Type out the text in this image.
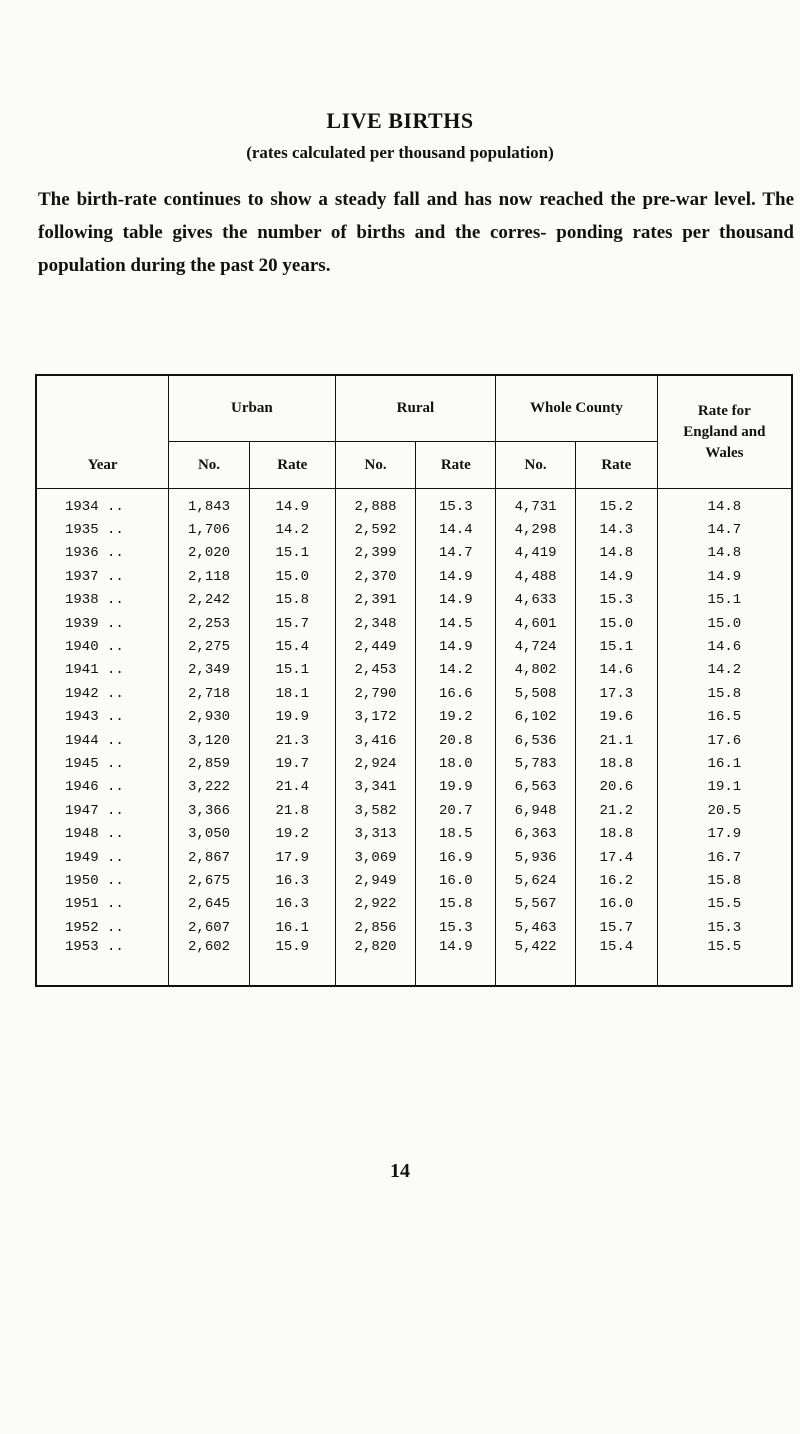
LIVE BIRTHS
(rates calculated per thousand population)

The birth-rate continues to show a steady fall and has now reached the pre-war level. The following table gives the number of births and the corres- ponding rates per thousand population during the past 20 years.

Year	Urban		Rural		Whole County		Rate for England and Wales
	No.	Rate	No.	Rate	No.	Rate	
1934 ..	1,843	14.9	2,888	15.3	4,731	15.2	14.8
1935 ..	1,706	14.2	2,592	14.4	4,298	14.3	14.7
1936 ..	2,020	15.1	2,399	14.7	4,419	14.8	14.8
1937 ..	2,118	15.0	2,370	14.9	4,488	14.9	14.9
1938 ..	2,242	15.8	2,391	14.9	4,633	15.3	15.1
1939 ..	2,253	15.7	2,348	14.5	4,601	15.0	15.0
1940 ..	2,275	15.4	2,449	14.9	4,724	15.1	14.6
1941 ..	2,349	15.1	2,453	14.2	4,802	14.6	14.2
1942 ..	2,718	18.1	2,790	16.6	5,508	17.3	15.8
1943 ..	2,930	19.9	3,172	19.2	6,102	19.6	16.5
1944 ..	3,120	21.3	3,416	20.8	6,536	21.1	17.6
1945 ..	2,859	19.7	2,924	18.0	5,783	18.8	16.1
1946 ..	3,222	21.4	3,341	19.9	6,563	20.6	19.1
1947 ..	3,366	21.8	3,582	20.7	6,948	21.2	20.5
1948 ..	3,050	19.2	3,313	18.5	6,363	18.8	17.9
1949 ..	2,867	17.9	3,069	16.9	5,936	17.4	16.7
1950 ..	2,675	16.3	2,949	16.0	5,624	16.2	15.8
1951 ..	2,645	16.3	2,922	15.8	5,567	16.0	15.5
1952 ..	2,607	16.1	2,856	15.3	5,463	15.7	15.3
1953 ..	2,602	15.9	2,820	14.9	5,422	15.4	15.5
14
